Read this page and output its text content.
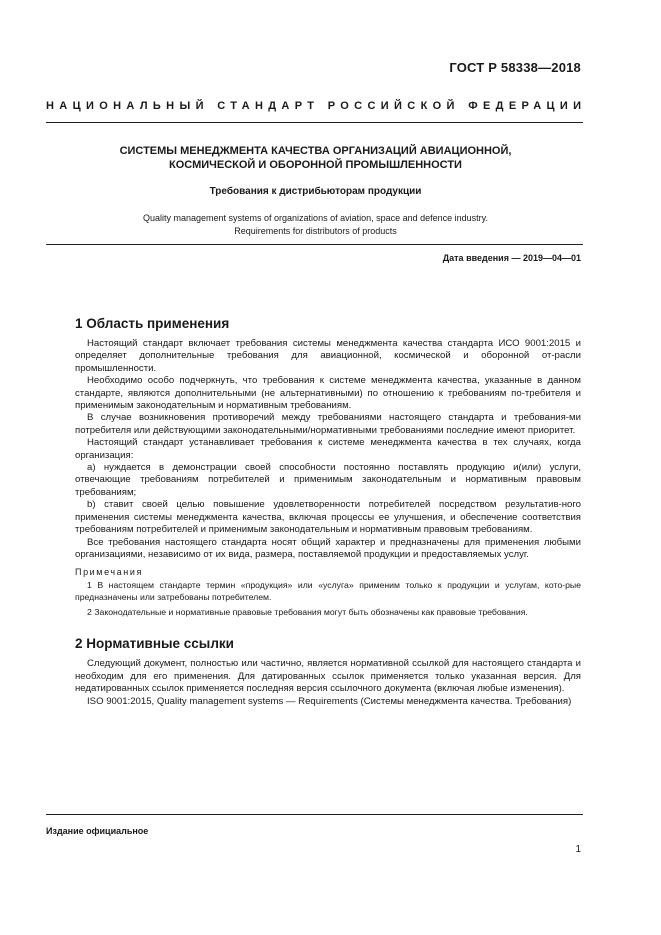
ГОСТ Р 58338—2018
НАЦИОНАЛЬНЫЙ СТАНДАРТ РОССИЙСКОЙ ФЕДЕРАЦИИ
СИСТЕМЫ МЕНЕДЖМЕНТА КАЧЕСТВА ОРГАНИЗАЦИЙ АВИАЦИОННОЙ,
КОСМИЧЕСКОЙ И ОБОРОННОЙ ПРОМЫШЛЕННОСТИ
Требования к дистрибьюторам продукции
Quality management systems of organizations of aviation, space and defence industry.
Requirements for distributors of products
Дата введения — 2019—04—01
1 Область применения

Настоящий стандарт включает требования системы менеджмента качества стандарта ИСО 9001:2015 и определяет дополнительные требования для авиационной, космической и оборонной от-расли промышленности.

Необходимо особо подчеркнуть, что требования к системе менеджмента качества, указанные в данном стандарте, являются дополнительными (не альтернативными) по отношению к требованиям по-требителя и применимым законодательным и нормативным требованиям.

В случае возникновения противоречий между требованиями настоящего стандарта и требования-ми потребителя или действующими законодательными/нормативными требованиями последние имеют приоритет.

Настоящий стандарт устанавливает требования к системе менеджмента качества в тех случаях, когда организация:

а) нуждается в демонстрации своей способности постоянно поставлять продукцию и(или) услуги, отвечающие требованиям потребителей и применимым законодательным и нормативным правовым требованиям;

b) ставит своей целью повышение удовлетворенности потребителей посредством результатив-ного применения системы менеджмента качества, включая процессы ее улучшения, и обеспечение соответствия требованиям потребителей и применимым законодательным и нормативным правовым требованиям.

Все требования настоящего стандарта носят общий характер и предназначены для применения любыми организациями, независимо от их вида, размера, поставляемой продукции и предоставляемых услуг.

Примечания

1 В настоящем стандарте термин «продукция» или «услуга» применим только к продукции и услугам, кото-рые предназначены или затребованы потребителем.

2 Законодательные и нормативные правовые требования могут быть обозначены как правовые требования.

2 Нормативные ссылки

Следующий документ, полностью или частично, является нормативной ссылкой для настоящего стандарта и необходим для его применения. Для датированных ссылок применяется только указанная версия. Для недатированных ссылок применяется последняя версия ссылочного документа (включая любые изменения).

ISO 9001:2015, Quality management systems — Requirements (Системы менеджмента качества. Требования)

Издание официальное
1
